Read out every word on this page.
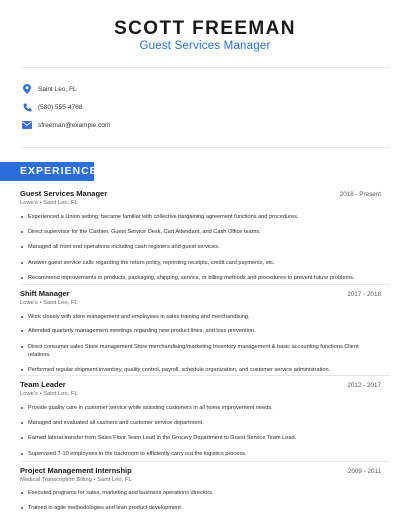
SCOTT FREEMAN
Guest Services Manager
Saint Leo, FL
(580) 555-4768
sfreeman@example.com
EXPERIENCE
Guest Services Manager	2018 - Present
Lowe's • Saint Leo, FL
Experienced a Union setting; became familiar with collective bargaining agreement functions and procedures.
Direct supervisor for the Cashier, Guest Service Desk, Cart Attendant, and Cash Office teams.
Managed all front end operations including cash registers and guest services.
Answer guest service calls regarding the return policy, reprinting receipts, credit card payments, etc.
Recommend improvements in products, packaging, shipping, service, or billing methods and procedures to prevent future problems.
Shift Manager	2017 - 2018
Lowe's • Saint Leo, FL
Work closely with store management and employees in sales training and merchandising.
Attended quarterly management meetings regarding new product lines, and loss prevention.
Direct consumer sales Store management Store merchandising/marketing Inventory management & basic accounting functions Client relations.
Performed regular shipment inventory, quality control, payroll, schedule organization, and customer service administration.
Team Leader	2012 - 2017
Lowe's • Saint Leo, FL
Provide quality care in customer service while assisting customers in all home improvement needs.
Managed and evaluated all cashiers and customer service department.
Earned lateral transfer from Sales Floor Team Lead in the Grocery Department to Guest Service Team Lead.
Supervised 7-10 employees in the backroom to efficiently carry out the logistics process.
Project Management Internship	2009 - 2011
Medical Transcription Billing • Saint Leo, FL
Executed programs for sales, marketing and business operations directors.
Trained in agile methodologies and lean product development.
